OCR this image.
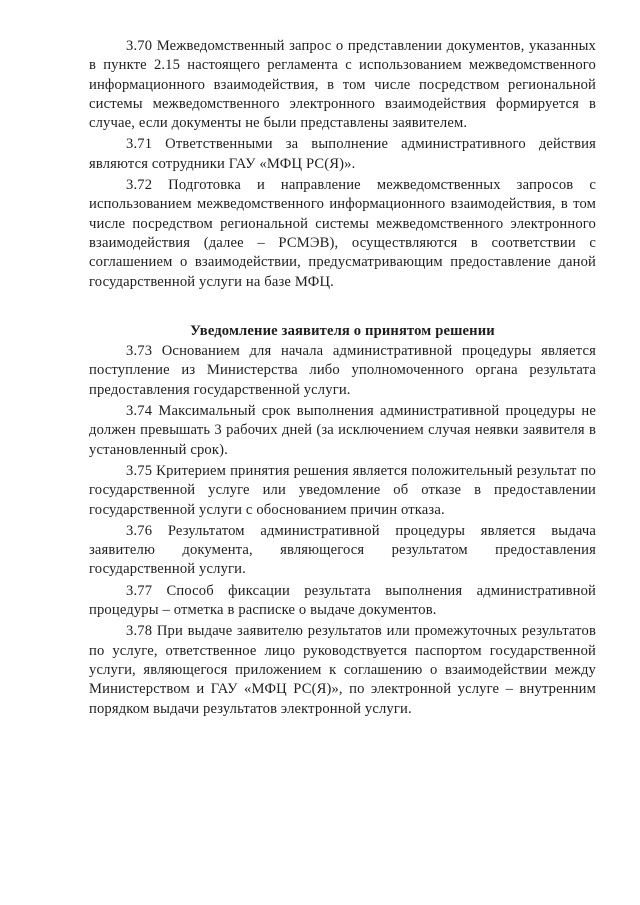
3.70 Межведомственный запрос о представлении документов, указанных в пункте 2.15 настоящего регламента с использованием межведомственного информационного взаимодействия, в том числе посредством региональной системы межведомственного электронного взаимодействия формируется в случае, если документы не были представлены заявителем.

3.71 Ответственными за выполнение административного действия являются сотрудники ГАУ «МФЦ РС(Я)».

3.72 Подготовка и направление межведомственных запросов с использованием межведомственного информационного взаимодействия, в том числе посредством региональной системы межведомственного электронного взаимодействия (далее – РСМЭВ), осуществляются в соответствии с соглашением о взаимодействии, предусматривающим предоставление даной государственной услуги на базе МФЦ.

Уведомление заявителя о принятом решении

3.73 Основанием для начала административной процедуры является поступление из Министерства либо уполномоченного органа результата предоставления государственной услуги.

3.74 Максимальный срок выполнения административной процедуры не должен превышать 3 рабочих дней (за исключением случая неявки заявителя в установленный срок).

3.75 Критерием принятия решения является положительный результат по государственной услуге или уведомление об отказе в предоставлении государственной услуги с обоснованием причин отказа.

3.76 Результатом административной процедуры является выдача заявителю документа, являющегося результатом предоставления государственной услуги.

3.77 Способ фиксации результата выполнения административной процедуры – отметка в расписке о выдаче документов.

3.78 При выдаче заявителю результатов или промежуточных результатов по услуге, ответственное лицо руководствуется паспортом государственной услуги, являющегося приложением к соглашению о взаимодействии между Министерством и ГАУ «МФЦ РС(Я)», по электронной услуге – внутренним порядком выдачи результатов электронной услуги.
